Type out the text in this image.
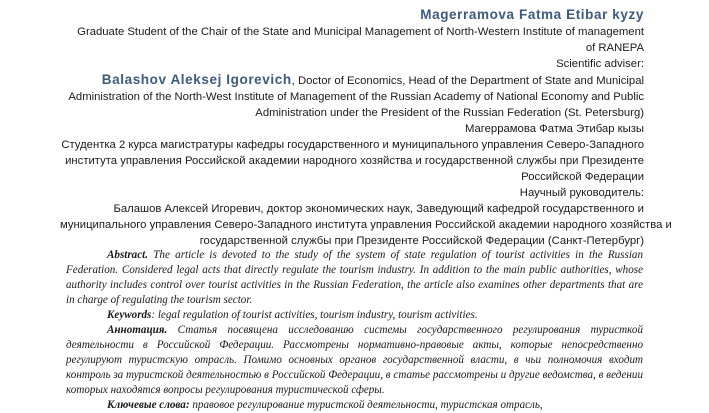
Magerramova Fatma Etibar kyzy
Graduate Student of the Chair of the State and Municipal Management of North-Western Institute of management
of RANEPA
Scientific adviser:
Balashov Aleksej Igorevich, Doctor of Economics, Head of the Department of State and Municipal
Administration of the North-West Institute of Management of the Russian Academy of National Economy and Public
Administration under the President of the Russian Federation (St. Petersburg)
Магеррамова Фатма Этибар кызы
Студентка 2 курса магистратуры кафедры государственного и муниципального управления Северо-Западного
института управления Российской академии народного хозяйства и государственной службы при Президенте
Российской Федерации
Научный руководитель:
Балашов Алексей Игоревич, доктор экономических наук, Заведующий кафедрой государственного и
муниципального управления Северо-Западного института управления Российской академии народного хозяйства и
государственной службы при Президенте Российской Федерации (Санкт-Петербург)

Abstract. The article is devoted to the study of the system of state regulation of tourist activities in the Russian Federation. Considered legal acts that directly regulate the tourism industry. In addition to the main public authorities, whose authority includes control over tourist activities in the Russian Federation, the article also examines other departments that are in charge of regulating the tourism sector.

Keywords: legal regulation of tourist activities, tourism industry, tourism activities.

Аннотация. Статья посвящена исследованию системы государственного регулирования туристкой деятельности в Российской Федерации. Рассмотрены нормативно-правовые акты, которые непосредственно регулируют туристскую отрасль. Помимо основных органов государственной власти, в чьи полномочия входит контроль за туристской деятельностью в Российской Федерации, в статье рассмотрены и другие ведомства, в ведении которых находятся вопросы регулирования туристической сферы.

Ключевые слова: правовое регулирование туристской деятельности, туристская отрасль,
